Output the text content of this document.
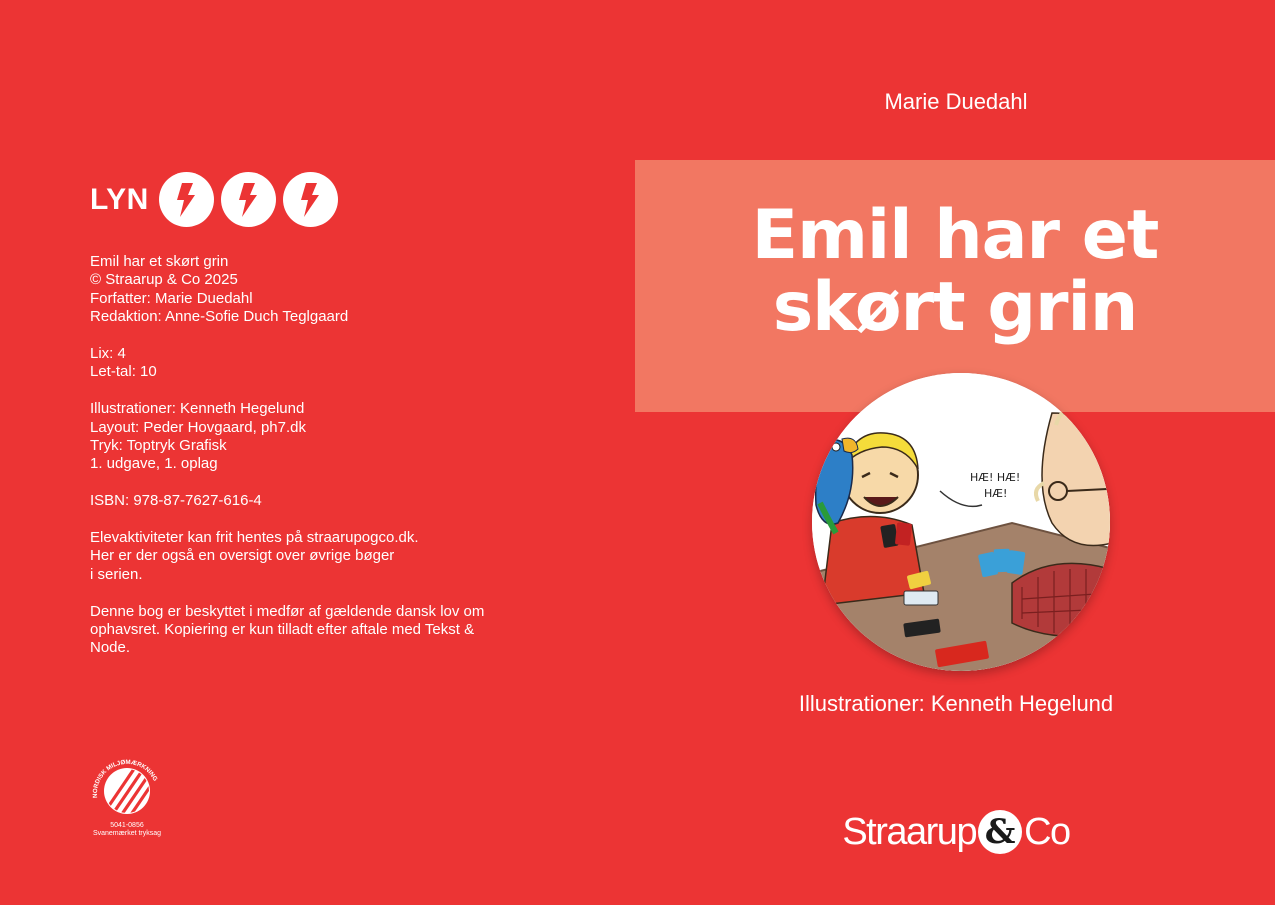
LYN
Emil har et skørt grin
© Straarup & Co 2025
Forfatter: Marie Duedahl
Redaktion: Anne-Sofie Duch Teglgaard
Lix: 4
Let-tal: 10
Illustrationer: Kenneth Hegelund
Layout: Peder Hovgaard, ph7.dk
Tryk: Toptryk Grafisk
1. udgave, 1. oplag
ISBN: 978-87-7627-616-4
Elevaktiviteter kan frit hentes på straarupogco.dk.
Her er der også en oversigt over øvrige bøger
i serien.
Denne bog er beskyttet i medfør af gældende dansk lov om
ophavsret. Kopiering er kun tilladt efter aftale med Tekst &
Node.
NORDISK MILJØMÆRKNING
5041-0856
Svanemærket tryksag
Marie Duedahl
Emil har et
skørt grin
HÆ! HÆ!
HÆ!
Illustrationer: Kenneth Hegelund
Straarup & Co
